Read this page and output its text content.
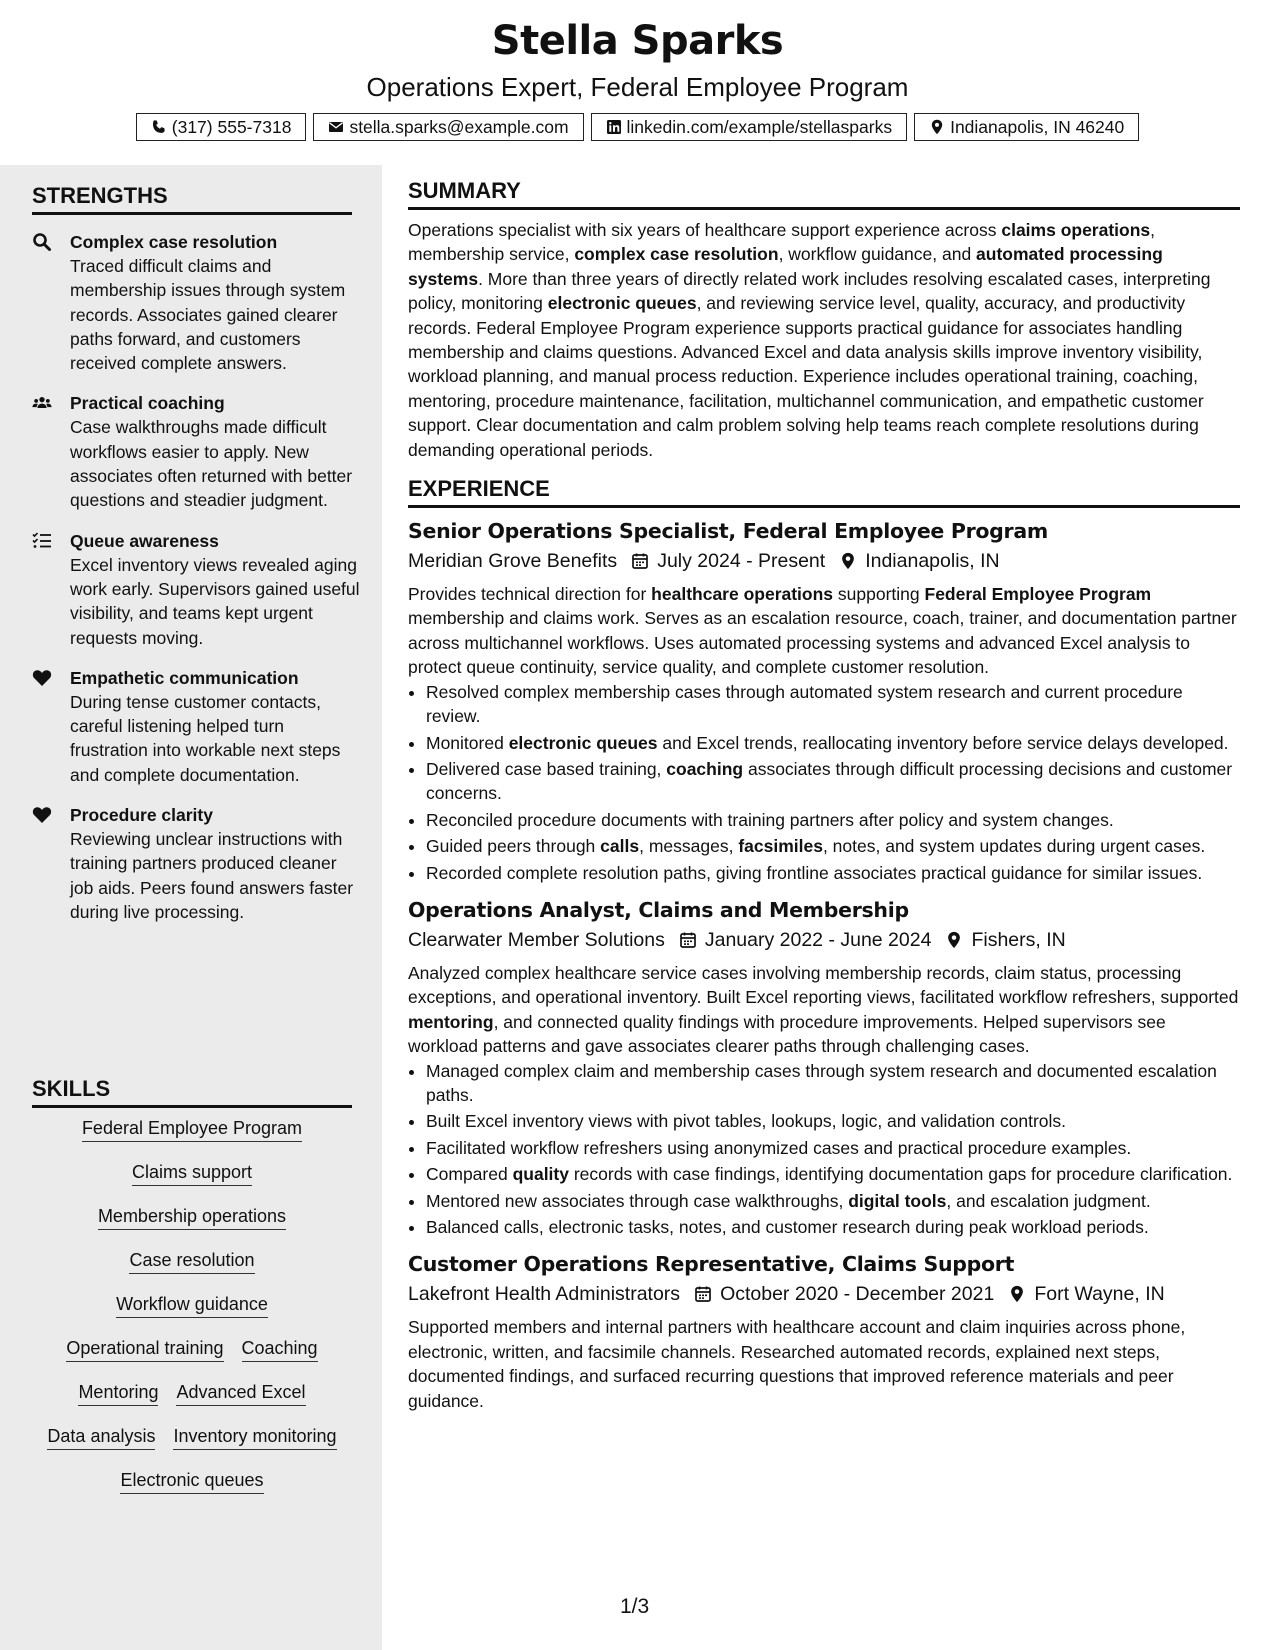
Stella Sparks
Operations Expert, Federal Employee Program
(317) 555-7318	stella.sparks@example.com	linkedin.com/example/stellasparks	Indianapolis, IN 46240
STRENGTHS
Complex case resolution
Traced difficult claims and membership issues through system records. Associates gained clearer paths forward, and customers received complete answers.
Practical coaching
Case walkthroughs made difficult workflows easier to apply. New associates often returned with better questions and steadier judgment.
Queue awareness
Excel inventory views revealed aging work early. Supervisors gained useful visibility, and teams kept urgent requests moving.
Empathetic communication
During tense customer contacts, careful listening helped turn frustration into workable next steps and complete documentation.
Procedure clarity
Reviewing unclear instructions with training partners produced cleaner job aids. Peers found answers faster during live processing.
SKILLS
Federal Employee Program
Claims support
Membership operations
Case resolution
Workflow guidance
Operational training Coaching
Mentoring Advanced Excel
Data analysis Inventory monitoring
Electronic queues
SUMMARY
Operations specialist with six years of healthcare support experience across claims operations, membership service, complex case resolution, workflow guidance, and automated processing systems. More than three years of directly related work includes resolving escalated cases, interpreting policy, monitoring electronic queues, and reviewing service level, quality, accuracy, and productivity records. Federal Employee Program experience supports practical guidance for associates handling membership and claims questions. Advanced Excel and data analysis skills improve inventory visibility, workload planning, and manual process reduction. Experience includes operational training, coaching, mentoring, procedure maintenance, facilitation, multichannel communication, and empathetic customer support. Clear documentation and calm problem solving help teams reach complete resolutions during demanding operational periods.
EXPERIENCE
Senior Operations Specialist, Federal Employee Program
Meridian Grove Benefits July 2024 - Present Indianapolis, IN
Provides technical direction for healthcare operations supporting Federal Employee Program membership and claims work. Serves as an escalation resource, coach, trainer, and documentation partner across multichannel workflows. Uses automated processing systems and advanced Excel analysis to protect queue continuity, service quality, and complete customer resolution.
• Resolved complex membership cases through automated system research and current procedure review.
• Monitored electronic queues and Excel trends, reallocating inventory before service delays developed.
• Delivered case based training, coaching associates through difficult processing decisions and customer concerns.
• Reconciled procedure documents with training partners after policy and system changes.
• Guided peers through calls, messages, facsimiles, notes, and system updates during urgent cases.
• Recorded complete resolution paths, giving frontline associates practical guidance for similar issues.
Operations Analyst, Claims and Membership
Clearwater Member Solutions January 2022 - June 2024 Fishers, IN
Analyzed complex healthcare service cases involving membership records, claim status, processing exceptions, and operational inventory. Built Excel reporting views, facilitated workflow refreshers, supported mentoring, and connected quality findings with procedure improvements. Helped supervisors see workload patterns and gave associates clearer paths through challenging cases.
• Managed complex claim and membership cases through system research and documented escalation paths.
• Built Excel inventory views with pivot tables, lookups, logic, and validation controls.
• Facilitated workflow refreshers using anonymized cases and practical procedure examples.
• Compared quality records with case findings, identifying documentation gaps for procedure clarification.
• Mentored new associates through case walkthroughs, digital tools, and escalation judgment.
• Balanced calls, electronic tasks, notes, and customer research during peak workload periods.
Customer Operations Representative, Claims Support
Lakefront Health Administrators October 2020 - December 2021 Fort Wayne, IN
Supported members and internal partners with healthcare account and claim inquiries across phone, electronic, written, and facsimile channels. Researched automated records, explained next steps, documented findings, and surfaced recurring questions that improved reference materials and peer guidance.
1/3
